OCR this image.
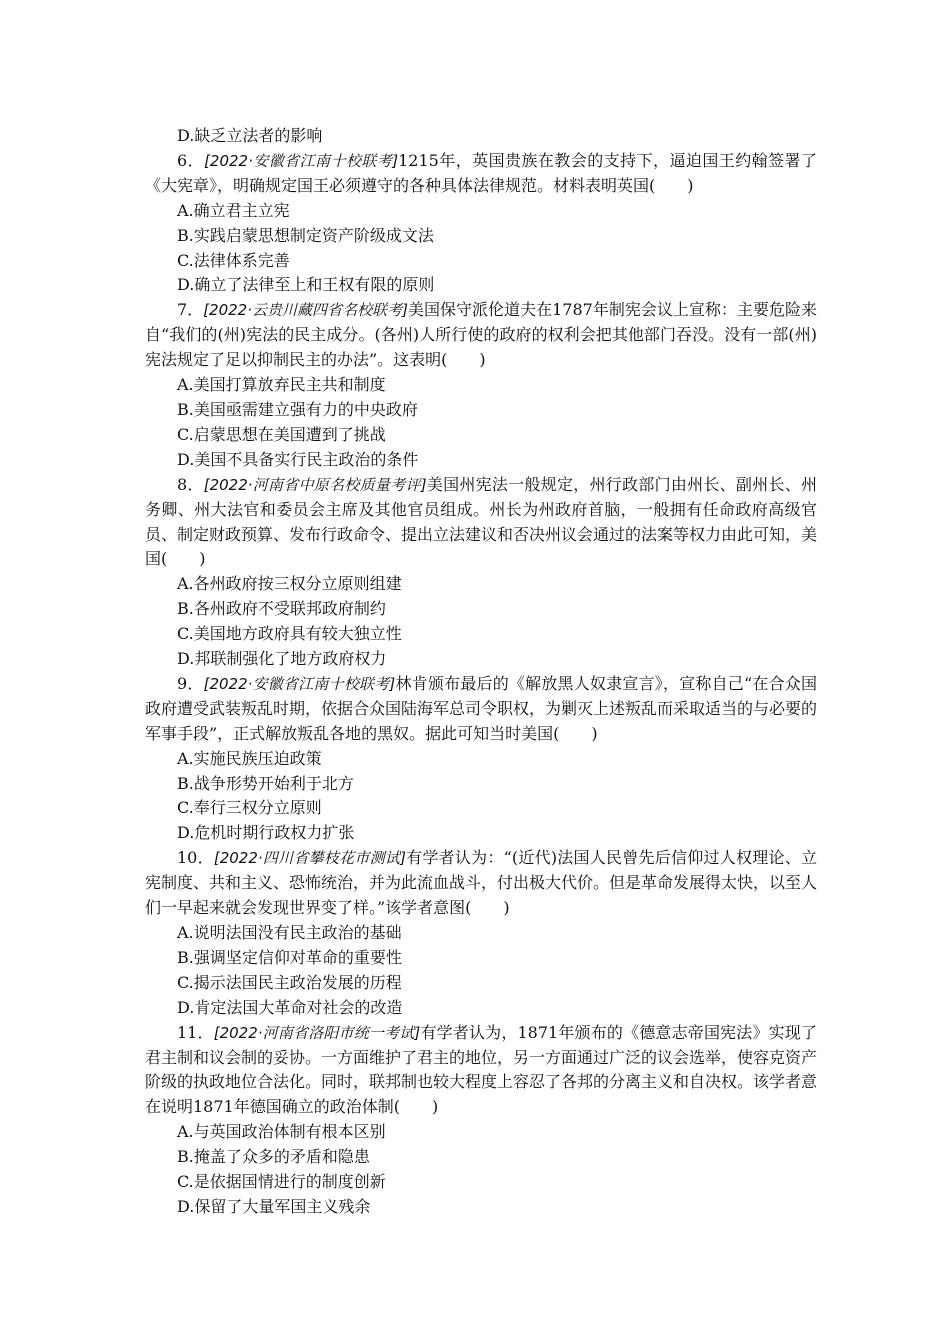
D.缺乏立法者的影响
6．[2022·安徽省江南十校联考]1215年，英国贵族在教会的支持下，逼迫国王约翰签署了《大宪章》，明确规定国王必须遵守的各种具体法律规范。材料表明英国(　　)
A.确立君主立宪
B.实践启蒙思想制定资产阶级成文法
C.法律体系完善
D.确立了法律至上和王权有限的原则
7．[2022·云贵川藏四省名校联考]美国保守派伦道夫在1787年制宪会议上宣称：主要危险来自“我们的(州)宪法的民主成分。(各州)人所行使的政府的权利会把其他部门吞没。没有一部(州)宪法规定了足以抑制民主的办法”。这表明(　　)
A.美国打算放弃民主共和制度
B.美国亟需建立强有力的中央政府
C.启蒙思想在美国遭到了挑战
D.美国不具备实行民主政治的条件
8．[2022·河南省中原名校质量考评]美国州宪法一般规定，州行政部门由州长、副州长、州务卿、州大法官和委员会主席及其他官员组成。州长为州政府首脑，一般拥有任命政府高级官员、制定财政预算、发布行政命令、提出立法建议和否决州议会通过的法案等权力由此可知，美国(　　)
A.各州政府按三权分立原则组建
B.各州政府不受联邦政府制约
C.美国地方政府具有较大独立性
D.邦联制强化了地方政府权力
9．[2022·安徽省江南十校联考]林肯颁布最后的《解放黑人奴隶宣言》，宣称自己“在合众国政府遭受武装叛乱时期，依据合众国陆海军总司令职权，为剿灭上述叛乱而采取适当的与必要的军事手段”，正式解放叛乱各地的黑奴。据此可知当时美国(　　)
A.实施民族压迫政策
B.战争形势开始利于北方
C.奉行三权分立原则
D.危机时期行政权力扩张
10．[2022·四川省攀枝花市测试]有学者认为：“(近代)法国人民曾先后信仰过人权理论、立宪制度、共和主义、恐怖统治，并为此流血战斗，付出极大代价。但是革命发展得太快，以至人们一早起来就会发现世界变了样。”该学者意图(　　)
A.说明法国没有民主政治的基础
B.强调坚定信仰对革命的重要性
C.揭示法国民主政治发展的历程
D.肯定法国大革命对社会的改造
11．[2022·河南省洛阳市统一考试]有学者认为，1871年颁布的《德意志帝国宪法》实现了君主制和议会制的妥协。一方面维护了君主的地位，另一方面通过广泛的议会选举，使容克资产阶级的执政地位合法化。同时，联邦制也较大程度上容忍了各邦的分离主义和自决权。该学者意在说明1871年德国确立的政治体制(　　)
A.与英国政治体制有根本区别
B.掩盖了众多的矛盾和隐患
C.是依据国情进行的制度创新
D.保留了大量军国主义残余
